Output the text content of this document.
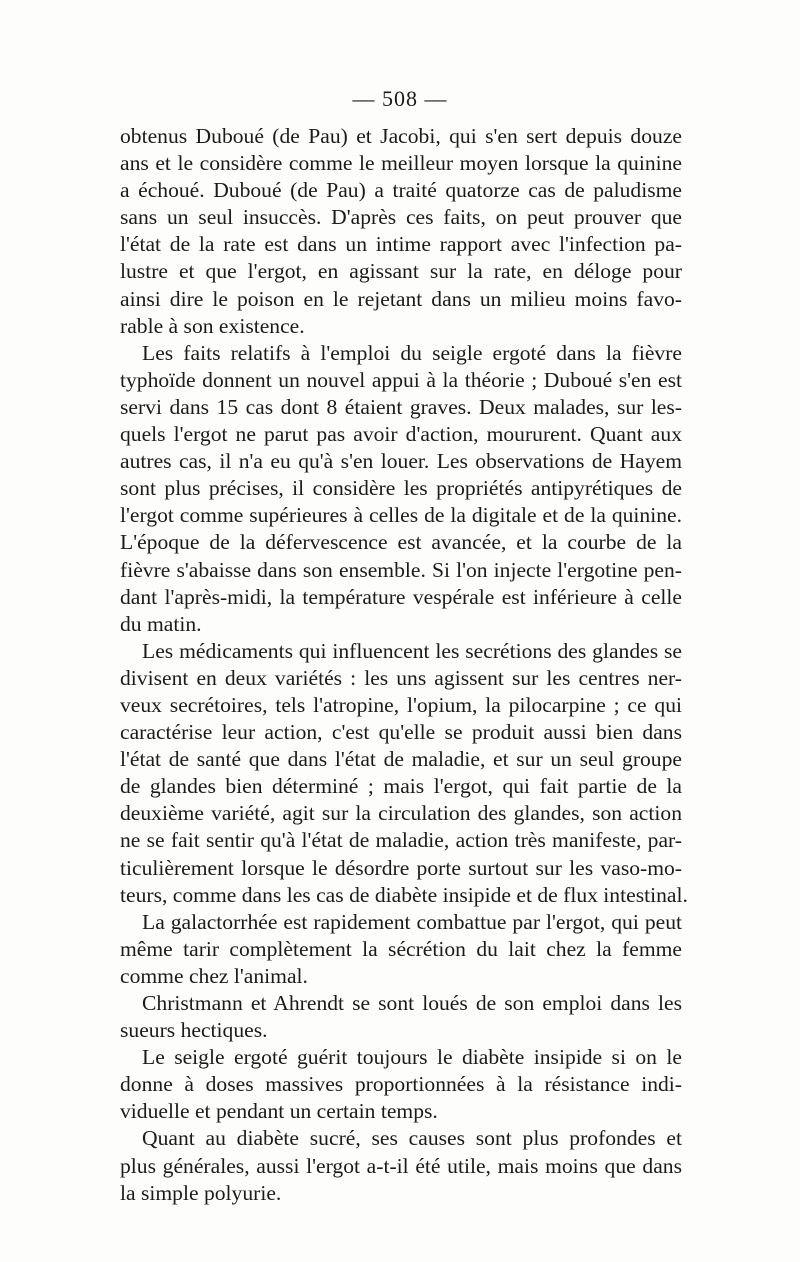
— 508 —
obtenus Duboué (de Pau) et Jacobi, qui s'en sert depuis douze
ans et le considère comme le meilleur moyen lorsque la quinine
a échoué. Duboué (de Pau) a traité quatorze cas de paludisme
sans un seul insuccès. D'après ces faits, on peut prouver que
l'état de la rate est dans un intime rapport avec l'infection pa-
lustre et que l'ergot, en agissant sur la rate, en déloge pour
ainsi dire le poison en le rejetant dans un milieu moins favo-
rable à son existence.
Les faits relatifs à l'emploi du seigle ergoté dans la fièvre
typhoïde donnent un nouvel appui à la théorie ; Duboué s'en est
servi dans 15 cas dont 8 étaient graves. Deux malades, sur les-
quels l'ergot ne parut pas avoir d'action, moururent. Quant aux
autres cas, il n'a eu qu'à s'en louer. Les observations de Hayem
sont plus précises, il considère les propriétés antipyrétiques de
l'ergot comme supérieures à celles de la digitale et de la quinine.
L'époque de la défervescence est avancée, et la courbe de la
fièvre s'abaisse dans son ensemble. Si l'on injecte l'ergotine pen-
dant l'après-midi, la température vespérale est inférieure à celle
du matin.
Les médicaments qui influencent les secrétions des glandes se
divisent en deux variétés : les uns agissent sur les centres ner-
veux secrétoires, tels l'atropine, l'opium, la pilocarpine ; ce qui
caractérise leur action, c'est qu'elle se produit aussi bien dans
l'état de santé que dans l'état de maladie, et sur un seul groupe
de glandes bien déterminé ; mais l'ergot, qui fait partie de la
deuxième variété, agit sur la circulation des glandes, son action
ne se fait sentir qu'à l'état de maladie, action très manifeste, par-
ticulièrement lorsque le désordre porte surtout sur les vaso-mo-
teurs, comme dans les cas de diabète insipide et de flux intestinal.
La galactorrhée est rapidement combattue par l'ergot, qui peut
même tarir complètement la sécrétion du lait chez la femme
comme chez l'animal.
Christmann et Ahrendt se sont loués de son emploi dans les
sueurs hectiques.
Le seigle ergoté guérit toujours le diabète insipide si on le
donne à doses massives proportionnées à la résistance indi-
viduelle et pendant un certain temps.
Quant au diabète sucré, ses causes sont plus profondes et
plus générales, aussi l'ergot a-t-il été utile, mais moins que dans
la simple polyurie.
